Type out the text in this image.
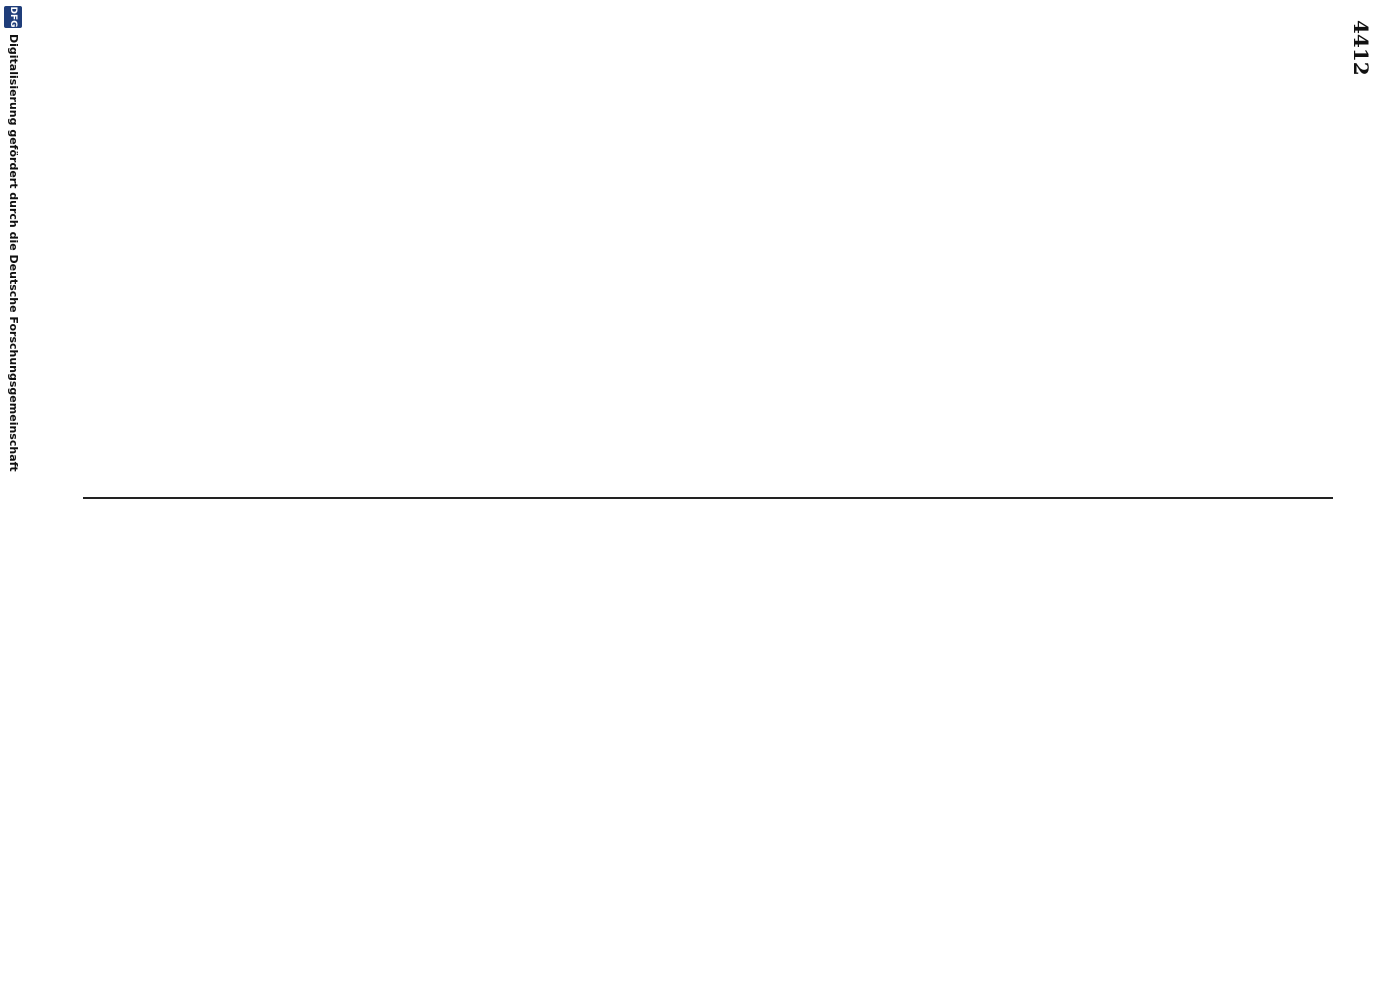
4412
DFG
Digitalisierung gefördert durch die Deutsche Forschungsgemeinschaft
